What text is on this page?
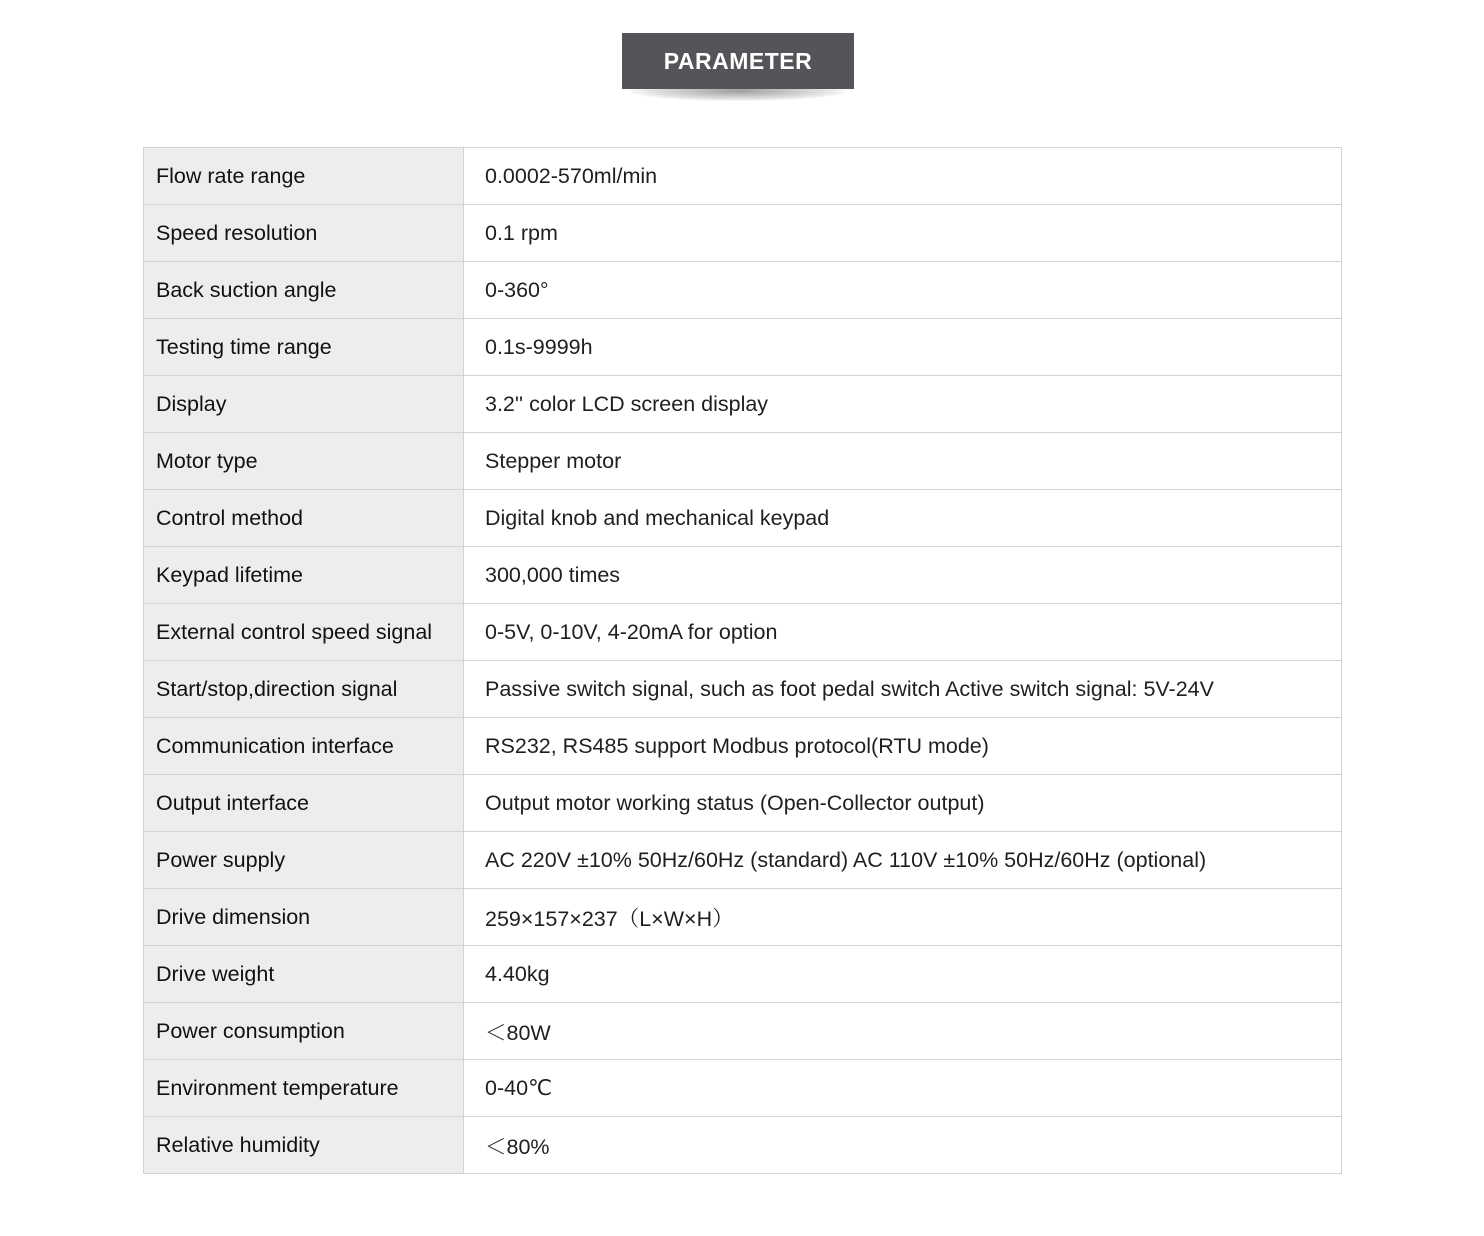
PARAMETER
Flow rate range	0.0002-570ml/min
Speed resolution	0.1 rpm
Back suction angle	0-360°
Testing time range	0.1s-9999h
Display	3.2'' color LCD screen display
Motor type	Stepper motor
Control method	Digital knob and mechanical keypad
Keypad lifetime	300,000 times
External control speed signal	0-5V, 0-10V, 4-20mA for option
Start/stop,direction signal	Passive switch signal, such as foot pedal switch Active switch signal: 5V-24V
Communication interface	RS232, RS485 support Modbus protocol(RTU mode)
Output interface	Output motor working status (Open-Collector output)
Power supply	AC 220V ±10% 50Hz/60Hz (standard) AC 110V ±10% 50Hz/60Hz (optional)
Drive dimension	259×157×237（L×W×H）
Drive weight	4.40kg
Power consumption	＜80W
Environment temperature	0-40℃
Relative humidity	＜80%
